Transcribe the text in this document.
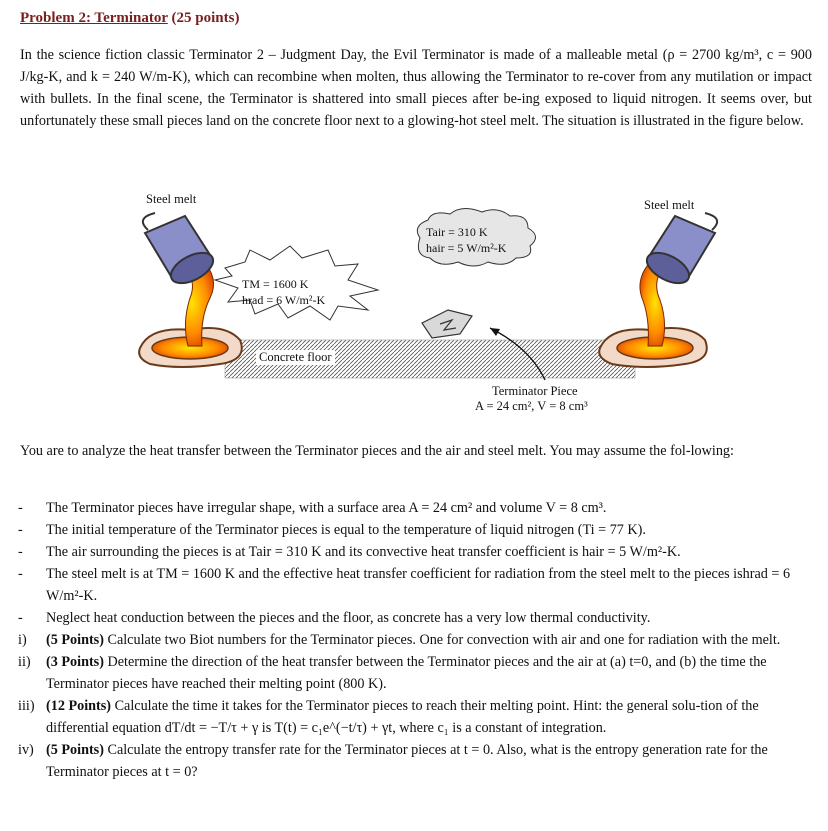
Problem 2: Terminator (25 points)
In the science fiction classic Terminator 2 – Judgment Day, the Evil Terminator is made of a malleable metal (ρ = 2700 kg/m³, c = 900 J/kg-K, and k = 240 W/m-K), which can recombine when molten, thus allowing the Terminator to re-cover from any mutilation or impact with bullets. In the final scene, the Terminator is shattered into small pieces after be-ing exposed to liquid nitrogen. It seems over, but unfortunately these small pieces land on the concrete floor next to a glowing-hot steel melt. The situation is illustrated in the figure below.
Steel melt	Steel melt
TM = 1600 K
hrad = 6 W/m²-K
Tair = 310 K
hair = 5 W/m²-K
Concrete floor
Terminator Piece
A = 24 cm², V = 8 cm³
You are to analyze the heat transfer between the Terminator pieces and the air and steel melt. You may assume the fol-lowing:
- The Terminator pieces have irregular shape, with a surface area A = 24 cm² and volume V = 8 cm³.
- The initial temperature of the Terminator pieces is equal to the temperature of liquid nitrogen (Ti = 77 K).
- The air surrounding the pieces is at Tair = 310 K and its convective heat transfer coefficient is hair = 5 W/m²-K.
- The steel melt is at TM = 1600 K and the effective heat transfer coefficient for radiation from the steel melt to the pieces ishrad = 6 W/m²-K.
- Neglect heat conduction between the pieces and the floor, as concrete has a very low thermal conductivity.
i) (5 Points) Calculate two Biot numbers for the Terminator pieces. One for convection with air and one for radiation with the melt.
ii) (3 Points) Determine the direction of the heat transfer between the Terminator pieces and the air at (a) t=0, and (b) the time the Terminator pieces have reached their melting point (800 K).
iii) (12 Points) Calculate the time it takes for the Terminator pieces to reach their melting point. Hint: the general solu-tion of the differential equation dT/dt = −T/τ + γ is T(t) = c₁e^(−t/τ) + γt, where c₁ is a constant of integration.
iv) (5 Points) Calculate the entropy transfer rate for the Terminator pieces at t = 0. Also, what is the entropy generation rate for the Terminator pieces at t = 0?
